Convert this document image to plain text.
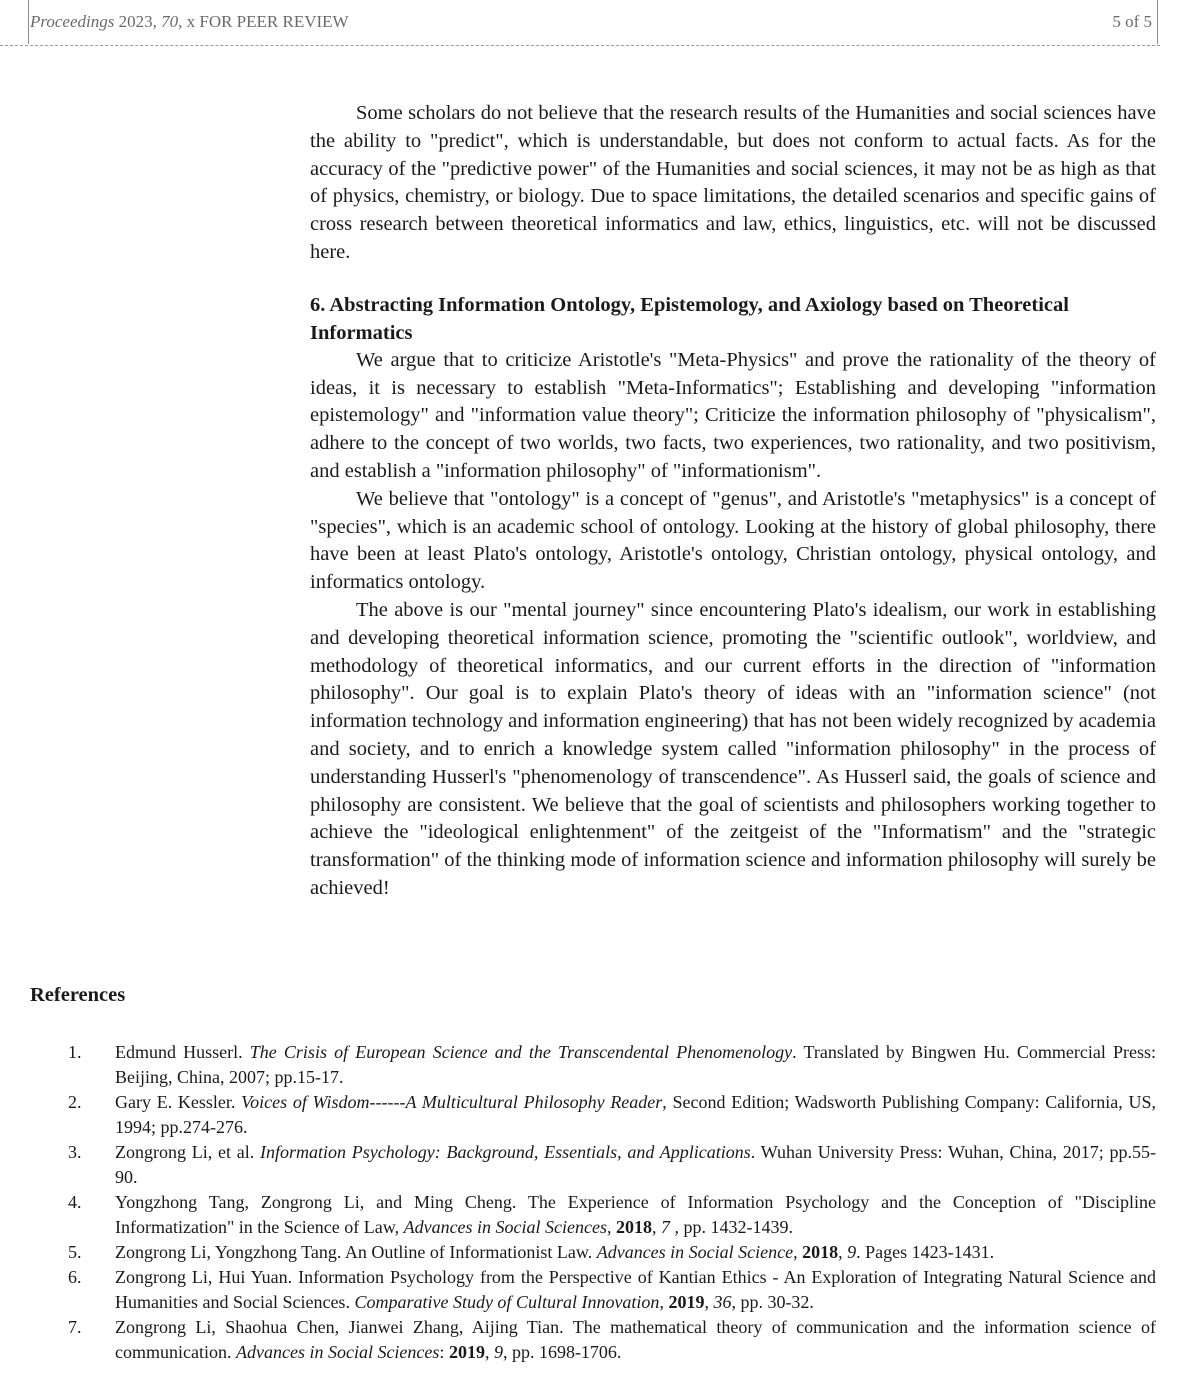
Proceedings 2023, 70, x FOR PEER REVIEW	5 of 5

Some scholars do not believe that the research results of the Humanities and social sciences have the ability to "predict", which is understandable, but does not conform to actual facts. As for the accuracy of the "predictive power" of the Humanities and social sciences, it may not be as high as that of physics, chemistry, or biology. Due to space limitations, the detailed scenarios and specific gains of cross research between theoretical informatics and law, ethics, linguistics, etc. will not be discussed here.

6. Abstracting Information Ontology, Epistemology, and Axiology based on Theoretical Informatics

We argue that to criticize Aristotle's "Meta-Physics" and prove the rationality of the theory of ideas, it is necessary to establish "Meta-Informatics"; Establishing and developing "information epistemology" and "information value theory"; Criticize the information philosophy of "physicalism", adhere to the concept of two worlds, two facts, two experiences, two rationality, and two positivism, and establish a "information philosophy" of "informationism".

We believe that "ontology" is a concept of "genus", and Aristotle's "metaphysics" is a concept of "species", which is an academic school of ontology. Looking at the history of global philosophy, there have been at least Plato's ontology, Aristotle's ontology, Christian ontology, physical ontology, and informatics ontology.

The above is our "mental journey" since encountering Plato's idealism, our work in establishing and developing theoretical information science, promoting the "scientific outlook", worldview, and methodology of theoretical informatics, and our current efforts in the direction of "information philosophy". Our goal is to explain Plato's theory of ideas with an "information science" (not information technology and information engineering) that has not been widely recognized by academia and society, and to enrich a knowledge system called "information philosophy" in the process of understanding Husserl's "phenomenology of transcendence". As Husserl said, the goals of science and philosophy are consistent. We believe that the goal of scientists and philosophers working together to achieve the "ideological enlightenment" of the zeitgeist of the "Informatism" and the "strategic transformation" of the thinking mode of information science and information philosophy will surely be achieved!

References
1. Edmund Husserl. The Crisis of European Science and the Transcendental Phenomenology. Translated by Bingwen Hu. Commercial Press: Beijing, China, 2007; pp.15-17.
2. Gary E. Kessler. Voices of Wisdom------A Multicultural Philosophy Reader, Second Edition; Wadsworth Publishing Company: California, US, 1994; pp.274-276.
3. Zongrong Li, et al. Information Psychology: Background, Essentials, and Applications. Wuhan University Press: Wuhan, China, 2017; pp.55-90.
4. Yongzhong Tang, Zongrong Li, and Ming Cheng. The Experience of Information Psychology and the Conception of "Discipline Informatization" in the Science of Law, Advances in Social Sciences, 2018, 7 , pp. 1432-1439.
5. Zongrong Li, Yongzhong Tang. An Outline of Informationist Law. Advances in Social Science, 2018, 9. Pages 1423-1431.
6. Zongrong Li, Hui Yuan. Information Psychology from the Perspective of Kantian Ethics - An Exploration of Integrating Natural Science and Humanities and Social Sciences. Comparative Study of Cultural Innovation, 2019, 36, pp. 30-32.
7. Zongrong Li, Shaohua Chen, Jianwei Zhang, Aijing Tian. The mathematical theory of communication and the information science of communication. Advances in Social Sciences: 2019, 9, pp. 1698-1706.
